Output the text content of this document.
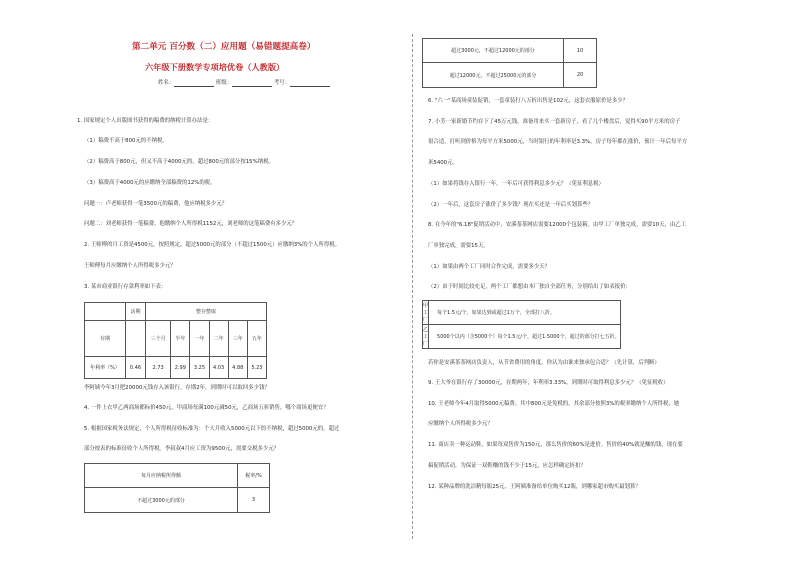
第二单元 百分数（二）应用题（易错题提高卷）
六年级下册数学专项培优卷（人教版）
姓名：	班级：	考号：
1. 国家规定个人出版图书获得的稿费的纳税计算办法是：
（1）稿费不高于800元的不纳税。
（2）稿费高于800元，但又不高于4000元的，超过800元的部分按15%纳税。
（3）稿费高于4000元的应缴纳全部稿费的12%的税。
问题一：卢老师获得一笔3500元的稿费，他应纳税多少元？
问题二：刘老师获得一笔稿费，他缴纳个人所得税1152元，刘老师的这笔稿费有多少元？
2. 王师傅的月工资是4500元，按照规定，超过5000元的部分（不超过1500元）应缴纳3%的个人所得税。
王师傅每月应缴纳个人所得税多少元？
3. 某市商业银行存款利率如下表：
	活期	整存整取					
存期		三个月	半年	一年	二年	三年	五年
年利率（%）	0.46	2.73	2.99	3.25	4.03	4.88	5.23
李阿姨今年3月把20000元钱存入该银行，存期2年，到期时可以取回多少钱？
4. 一件上衣甲乙两商场都标价450元，甲商场每满100元减50元，乙商场五折销售，哪个商场更便宜？
5. 根据国家税务法规定，个人所得税征收标准为：个人月收入5000元以下的不纳税，超过5000元的，超过
部分按表的标准征收个人所得税。李叔叔4月应工资为9500元，需要交税多少元？
每月应纳税所得额	税率/%
不超过3000元的部分	3
超过3000元，不超过12000元的部分	10
超过12000元，不超过25000元的部分	20
6. "六一"某商场童装促销，一套童装打八五折出售是102元，这套衣服原价是多少？
7. 小芳一家新婚节约存下了45万元钱，准备用来买一套新房子，看了几个楼盘后，觉得买90平方米的房子
很合适，打听到价格为每平方米5000元，当时银行的年利率是3.3%，房子每年都在涨价，预计一年后每平方
米5400元。
（1）如果将钱存入银行一年，一年后可获得利息多少元？（免征利息税）
（2）一年后，这套房子涨价了多少钱？现在买还是一年后买划算些？
8. 在今年的"6.18"促销活动中，安溪茶茶网店需要12000个包装箱。由甲工厂单独完成，需要10天，由乙工
厂单独完成，需要15天。
（1）如果由两个工厂同时合作完成，需要多少天？
（2）由于时间比较充足，两个工厂都想由本厂独自全部任务，分别给出了如表报价：
甲工厂	每个1.5元/个，如果达到或超过1万个，全部打八折。
乙工厂	5000个以内（含5000个）每个1.5元/个，超过1.5000个，超过的部分打七五折。
若你是安溪茶茶网店负责人，从节省费用的角度，你认为由谁来独承包合适？（先计算，后判断）
9. 王大爷在银行存了30000元，存期两年，年利率3.33%，到期时可取得利息多少元？（免征税收）
10. 王老师今年4月取得5000元稿费。其中800元是免税的，其余部分按照3%的税率缴纳个人所得税，她
应缴纳个人所得税多少元？
11. 商店卖一种运动鞋，如果每双售价为150元，那么售价的60%是进价。售价的40%就是赚的钱，现在要
搞促销活动，为保证一双鞋赚的钱不少于15元，应怎样确定折扣？
12. 某种品牌的洗洁精每瓶25元，王阿姨准备给单位购买12瓶，到哪家超市购买最划算？
